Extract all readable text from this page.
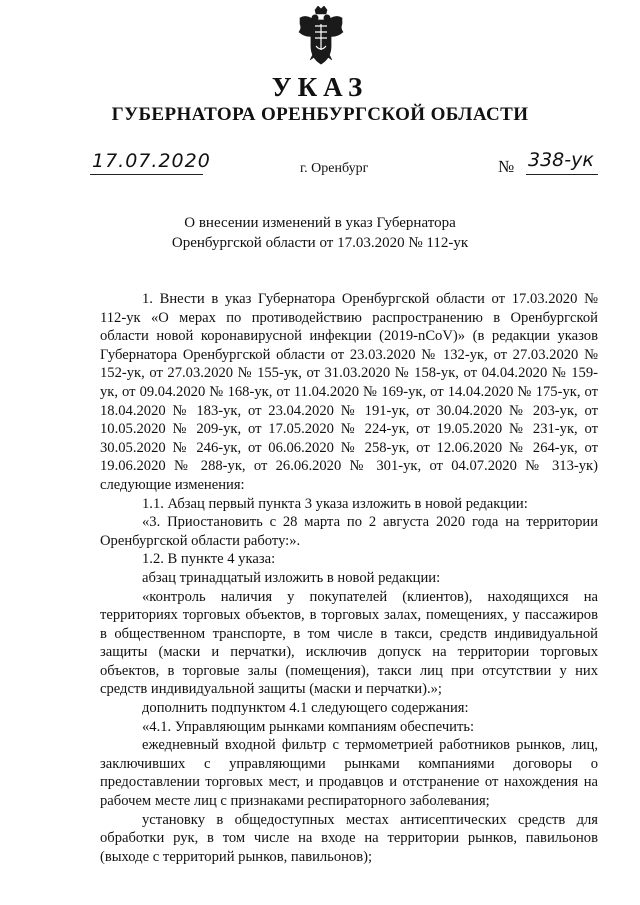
УКАЗ
ГУБЕРНАТОРА ОРЕНБУРГСКОЙ ОБЛАСТИ
17.07.2020	г. Оренбург	№ 338-ук
О внесении изменений в указ Губернатора
Оренбургской области от 17.03.2020 № 112-ук

1. Внести в указ Губернатора Оренбургской области от 17.03.2020 № 112-ук «О мерах по противодействию распространению в Оренбургской области новой коронавирусной инфекции (2019-nCoV)» (в редакции указов Губернатора Оренбургской области от 23.03.2020 № 132-ук, от 27.03.2020 № 152-ук, от 27.03.2020 № 155-ук, от 31.03.2020 № 158-ук, от 04.04.2020 № 159-ук, от 09.04.2020 № 168-ук, от 11.04.2020 № 169-ук, от 14.04.2020 № 175-ук, от 18.04.2020 № 183-ук, от 23.04.2020 № 191-ук, от 30.04.2020 № 203-ук, от 10.05.2020 № 209-ук, от 17.05.2020 № 224-ук, от 19.05.2020 № 231-ук, от 30.05.2020 № 246-ук, от 06.06.2020 № 258-ук, от 12.06.2020 № 264-ук, от 19.06.2020 № 288-ук, от 26.06.2020 № 301-ук, от 04.07.2020 № 313-ук) следующие изменения:

1.1. Абзац первый пункта 3 указа изложить в новой редакции:

«3. Приостановить с 28 марта по 2 августа 2020 года на территории Оренбургской области работу:».

1.2. В пункте 4 указа:

абзац тринадцатый изложить в новой редакции:

«контроль наличия у покупателей (клиентов), находящихся на территориях торговых объектов, в торговых залах, помещениях, у пассажиров в общественном транспорте, в том числе в такси, средств индивидуальной защиты (маски и перчатки), исключив допуск на территории торговых объектов, в торговые залы (помещения), такси лиц при отсутствии у них средств индивидуальной защиты (маски и перчатки).»;

дополнить подпунктом 4.1 следующего содержания:

«4.1. Управляющим рынками компаниям обеспечить:

ежедневный входной фильтр с термометрией работников рынков, лиц, заключивших с управляющими рынками компаниями договоры о предоставлении торговых мест, и продавцов и отстранение от нахождения на рабочем месте лиц с признаками респираторного заболевания;

установку в общедоступных местах антисептических средств для обработки рук, в том числе на входе на территории рынков, павильонов (выходе с территорий рынков, павильонов);
